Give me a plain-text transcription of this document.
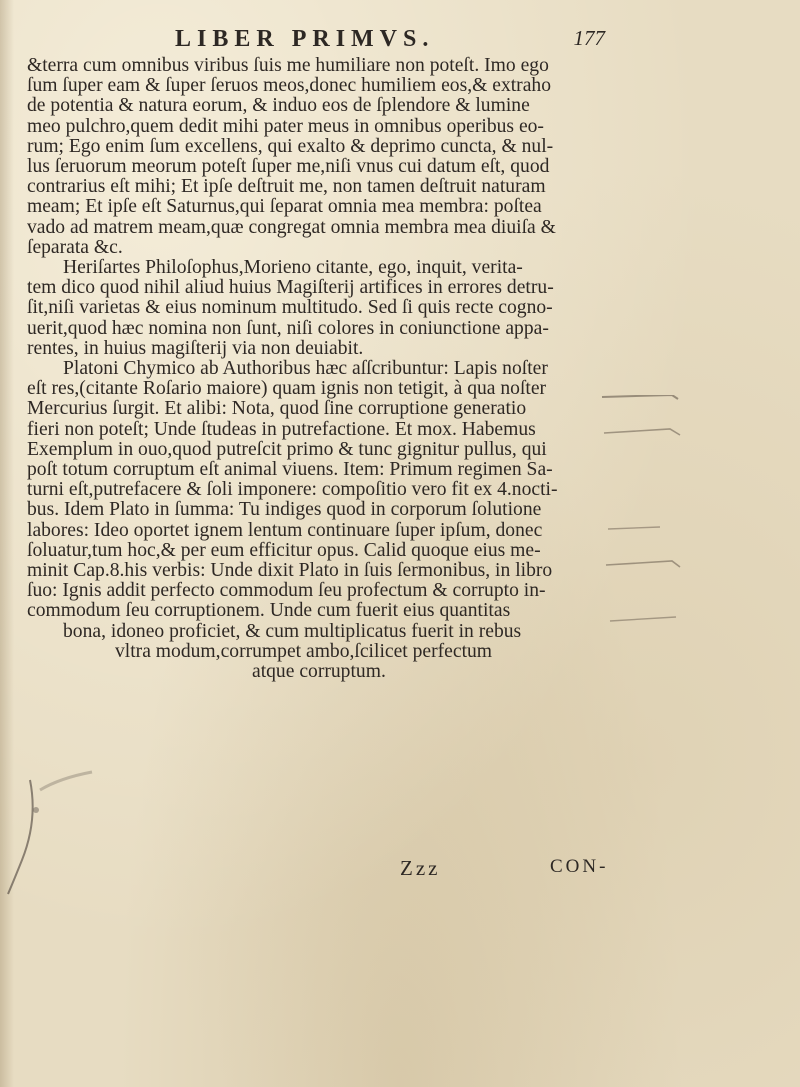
LIBER PRIMVS.	177
&terra cum omnibus viribus ſuis me humiliare non poteſt. Imo ego
ſum ſuper eam & ſuper ſeruos meos,donec humiliem eos,& extraho
de potentia & natura eorum, & induo eos de ſplendore & lumine
meo pulchro,quem dedit mihi pater meus in omnibus operibus eo-
rum; Ego enim ſum excellens, qui exalto & deprimo cuncta, & nul-
lus ſeruorum meorum poteſt ſuper me,niſi vnus cui datum eſt, quod
contrarius eſt mihi; Et ipſe deſtruit me, non tamen deſtruit naturam
meam; Et ipſe eſt Saturnus,qui ſeparat omnia mea membra: poſtea
vado ad matrem meam,quæ congregat omnia membra mea diuiſa &
ſeparata &c.
Heriſartes Philoſophus,Morieno citante, ego, inquit, verita-
tem dico quod nihil aliud huius Magiſterij artifices in errores detru-
ſit,niſi varietas & eius nominum multitudo. Sed ſi quis recte cogno-
uerit,quod hæc nomina non ſunt, niſi colores in coniunctione appa-
rentes, in huius magiſterij via non deuiabit.
Platoni Chymico ab Authoribus hæc aſſcribuntur: Lapis noſter
eſt res,(citante Roſario maiore) quam ignis non tetigit, à qua noſter
Mercurius ſurgit. Et alibi: Nota, quod ſine corruptione generatio
fieri non poteſt; Unde ſtudeas in putrefactione. Et mox. Habemus
Exemplum in ouo,quod putreſcit primo & tunc gignitur pullus, qui
poſt totum corruptum eſt animal viuens. Item: Primum regimen Sa-
turni eſt,putrefacere & ſoli imponere: compoſitio vero fit ex 4.nocti-
bus. Idem Plato in ſumma: Tu indiges quod in corporum ſolutione
labores: Ideo oportet ignem lentum continuare ſuper ipſum, donec
ſoluatur,tum hoc,& per eum efficitur opus. Calid quoque eius me-
minit Cap.8.his verbis: Unde dixit Plato in ſuis ſermonibus, in libro
ſuo: Ignis addit perfecto commodum ſeu profectum & corrupto in-
commodum ſeu corruptionem. Unde cum fuerit eius quantitas
bona, idoneo proficiet, & cum multiplicatus fuerit in rebus
vltra modum,corrumpet ambo,ſcilicet perfectum
atque corruptum.
Zzz	CON-
